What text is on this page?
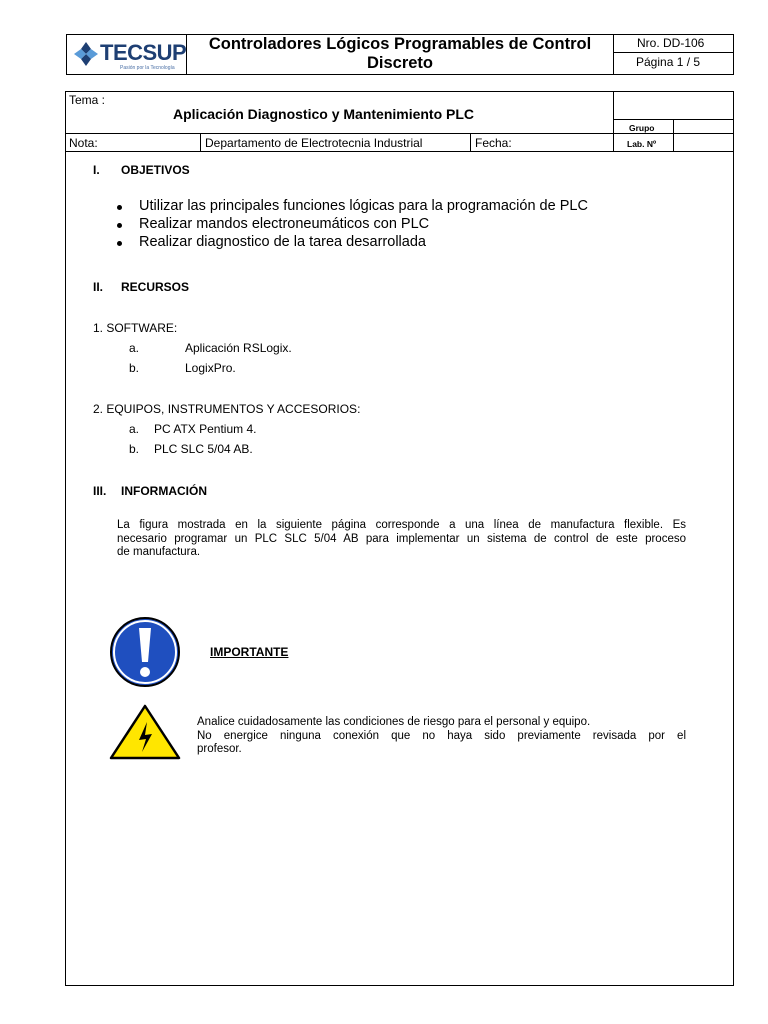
TECSUP
Pasión por la Tecnología
Controladores Lógicos Programables de Control
Discreto
Nro. DD-106
Página 1 / 5
Tema :
Aplicación Diagnostico y Mantenimiento PLC
Grupo
Nota:	Departamento de Electrotecnia Industrial	Fecha:	Lab. Nº
I. OBJETIVOS
Utilizar las principales funciones lógicas para la programación de PLC
Realizar mandos electroneumáticos con PLC
Realizar diagnostico de la tarea desarrollada
II. RECURSOS
1. SOFTWARE:
a.	Aplicación RSLogix.
b.	LogixPro.
2. EQUIPOS, INSTRUMENTOS Y ACCESORIOS:
a. PC ATX Pentium 4.
b. PLC SLC 5/04 AB.
III. INFORMACIÓN
La figura mostrada en la siguiente página corresponde a una línea de manufactura flexible. Es
necesario programar un PLC SLC 5/04 AB para implementar un sistema de control de este proceso
de manufactura.
IMPORTANTE
Analice cuidadosamente las condiciones de riesgo para el personal y equipo.
No energice ninguna conexión que no haya sido previamente revisada por el
profesor.
